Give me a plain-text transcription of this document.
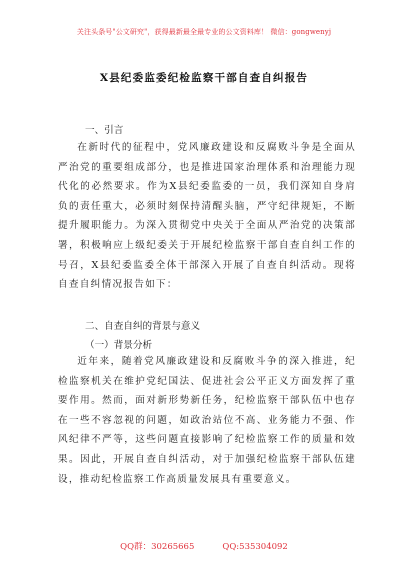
关注头条号"公文研究"，获得最新最全最专业的公文资料库！ 微信：gongwenyj
X县纪委监委纪检监察干部自查自纠报告
一、引言

在新时代的征程中，党风廉政建设和反腐败斗争是全面从严治党的重要组成部分，也是推进国家治理体系和治理能力现代化的必然要求。作为X县纪委监委的一员，我们深知自身肩负的责任重大，必须时刻保持清醒头脑，严守纪律规矩，不断提升履职能力。为深入贯彻党中央关于全面从严治党的决策部署，积极响应上级纪委关于开展纪检监察干部自查自纠工作的号召，X县纪委监委全体干部深入开展了自查自纠活动。现将自查自纠情况报告如下：

二、自查自纠的背景与意义
（一）背景分析

近年来，随着党风廉政建设和反腐败斗争的深入推进，纪检监察机关在维护党纪国法、促进社会公平正义方面发挥了重要作用。然而，面对新形势新任务，纪检监察干部队伍中也存在一些不容忽视的问题，如政治站位不高、业务能力不强、作风纪律不严等，这些问题直接影响了纪检监察工作的质量和效果。因此，开展自查自纠活动，对于加强纪检监察干部队伍建设，推动纪检监察工作高质量发展具有重要意义。

QQ群：30265665	QQ:535304092
